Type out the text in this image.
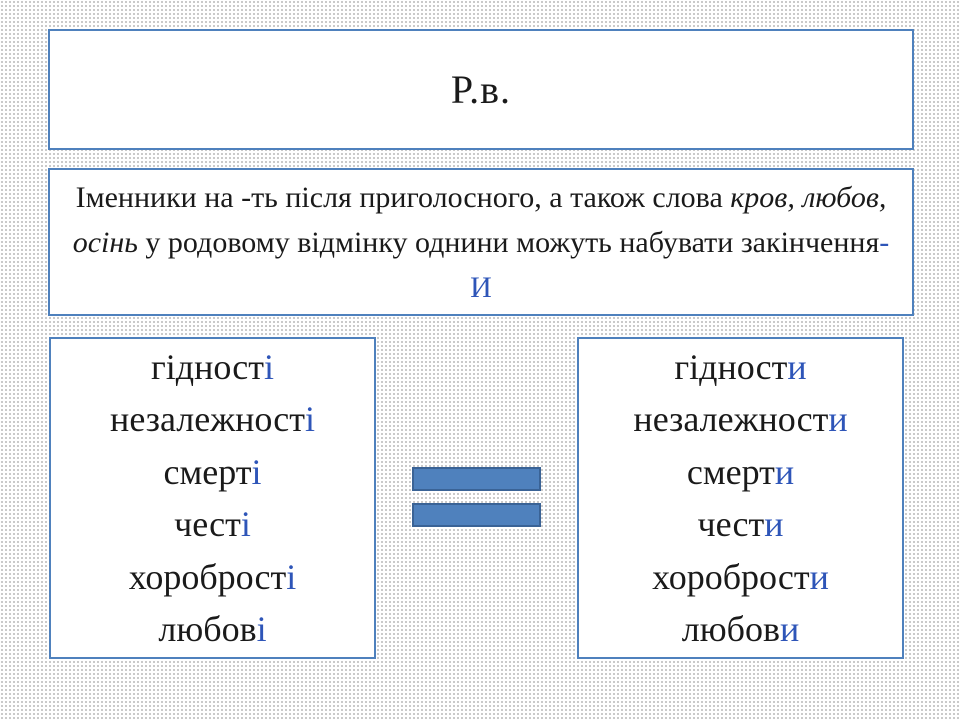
Р.в.
Іменники на -ть після приголосного, а також слова кров, любов, осінь у родовому відмінку однини можуть набувати закінчення-И
гідності
незалежності
смерті
честі
хоробрості
любові
гідности
незалежности
смерти
чести
хоробрости
любови
